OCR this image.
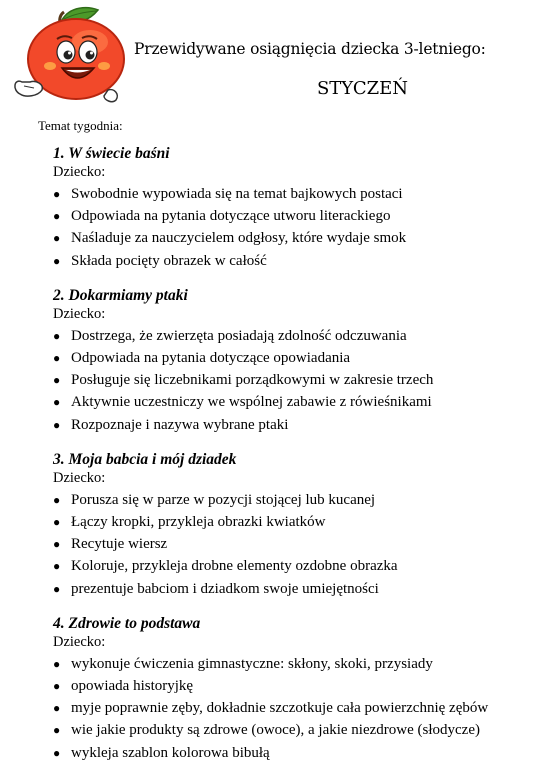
Przewidywane osiągnięcia dziecka 3-letniego:
STYCZEŃ
Temat tygodnia:
1. W świecie baśni
Dziecko:
● Swobodnie wypowiada się na temat bajkowych postaci
● Odpowiada na pytania dotyczące utworu literackiego
● Naśladuje za nauczycielem odgłosy, które wydaje smok
● Składa pocięty obrazek w całość
2. Dokarmiamy ptaki
Dziecko:
● Dostrzega, że zwierzęta posiadają zdolność odczuwania
● Odpowiada na pytania dotyczące opowiadania
● Posługuje się liczebnikami porządkowymi w zakresie trzech
● Aktywnie uczestniczy we wspólnej zabawie z rówieśnikami
● Rozpoznaje i nazywa wybrane ptaki
3. Moja babcia i mój dziadek
Dziecko:
● Porusza się w parze w pozycji stojącej lub kucanej
● Łączy kropki, przykleja obrazki kwiatków
● Recytuje wiersz
● Koloruje, przykleja drobne elementy ozdobne obrazka
● prezentuje babciom i dziadkom swoje umiejętności
4. Zdrowie to podstawa
Dziecko:
● wykonuje ćwiczenia gimnastyczne: skłony, skoki, przysiady
● opowiada historyjkę
● myje poprawnie zęby, dokładnie szczotkuje cała powierzchnię zębów
● wie jakie produkty są zdrowe (owoce), a jakie niezdrowe (słodycze)
● wykleja szablon kolorowa bibułą
